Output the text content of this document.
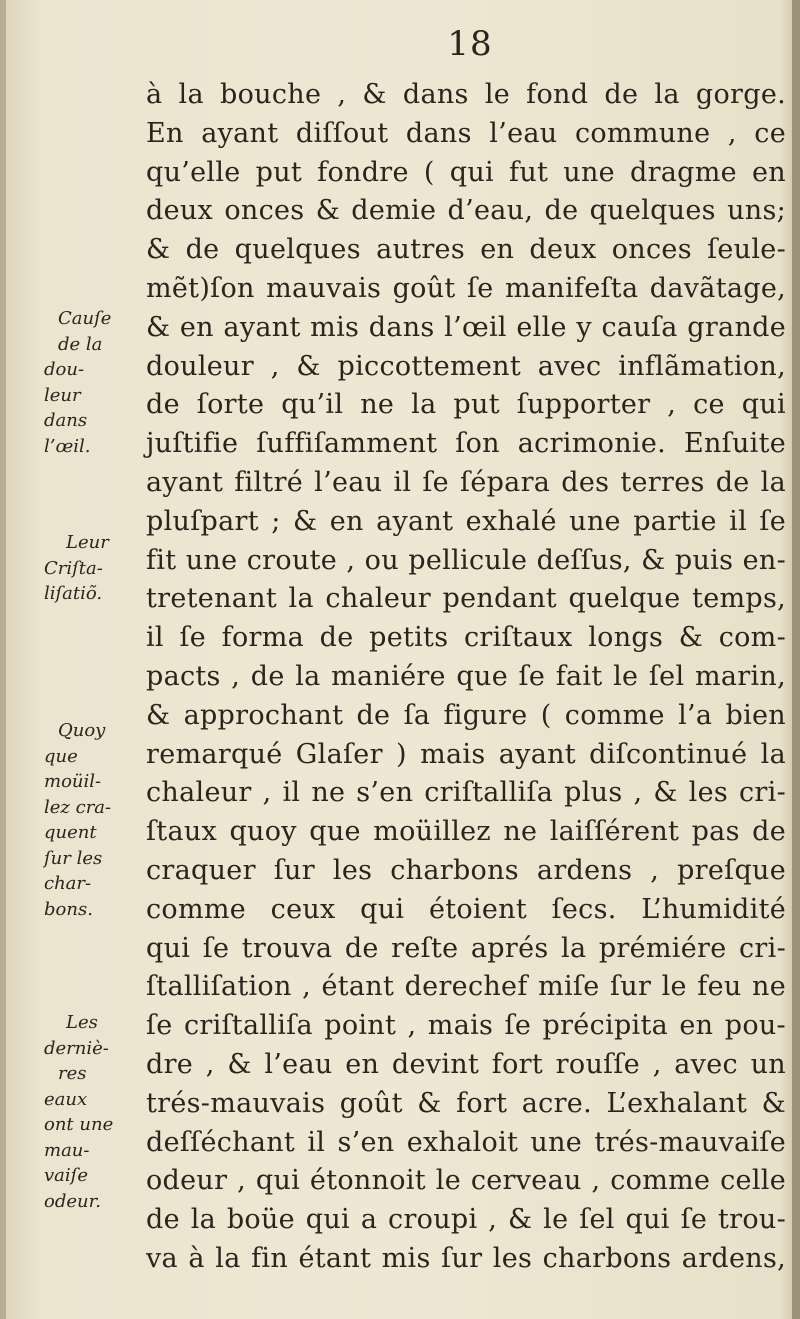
18
Cauſe
de la
dou-
leur
dans
l’œil.
Leur
Criſta-
liſatiõ.
Quoy
que
moüil-
lez cra-
quent
ſur les
char-
bons.
Les
derniè-
res
eaux
ont une
mau-
vaiſe
odeur.
à la bouche , & dans le fond de la gorge.
En ayant diſſout dans l’eau commune , ce
qu’elle put fondre ( qui fut une dragme en
deux onces & demie d’eau, de quelques uns;
& de quelques autres en deux onces ſeule-
mẽt)ſon mauvais goût ſe manifeſta davãtage,
& en ayant mis dans l’œil elle y cauſa grande
douleur , & piccottement avec inflãmation,
de ſorte qu’il ne la put ſupporter , ce qui
juſtifie ſuffiſamment ſon acrimonie. Enſuite
ayant filtré l’eau il ſe ſépara des terres de la
pluſpart ; & en ayant exhalé une partie il ſe
fit une croute , ou pellicule deſſus, & puis en-
tretenant la chaleur pendant quelque temps,
il ſe forma de petits criſtaux longs & com-
pacts , de la maniére que ſe fait le ſel marin,
& approchant de ſa figure ( comme l’a bien
remarqué Glaſer ) mais ayant diſcontinué la
chaleur , il ne s’en criſtalliſa plus , & les cri-
ſtaux quoy que moüillez ne laiſſérent pas de
craquer ſur les charbons ardens , preſque
comme ceux qui étoient ſecs. L’humidité
qui ſe trouva de reſte aprés la prémiére cri-
ſtalliſation , étant derechef miſe ſur le feu ne
ſe criſtalliſa point , mais ſe précipita en pou-
dre , & l’eau en devint fort rouſſe , avec un
trés-mauvais goût & fort acre. L’exhalant &
deſſéchant il s’en exhaloit une trés-mauvaiſe
odeur , qui étonnoit le cerveau , comme celle
de la boüe qui a croupi , & le ſel qui ſe trou-
va à la fin étant mis ſur les charbons ardens,
